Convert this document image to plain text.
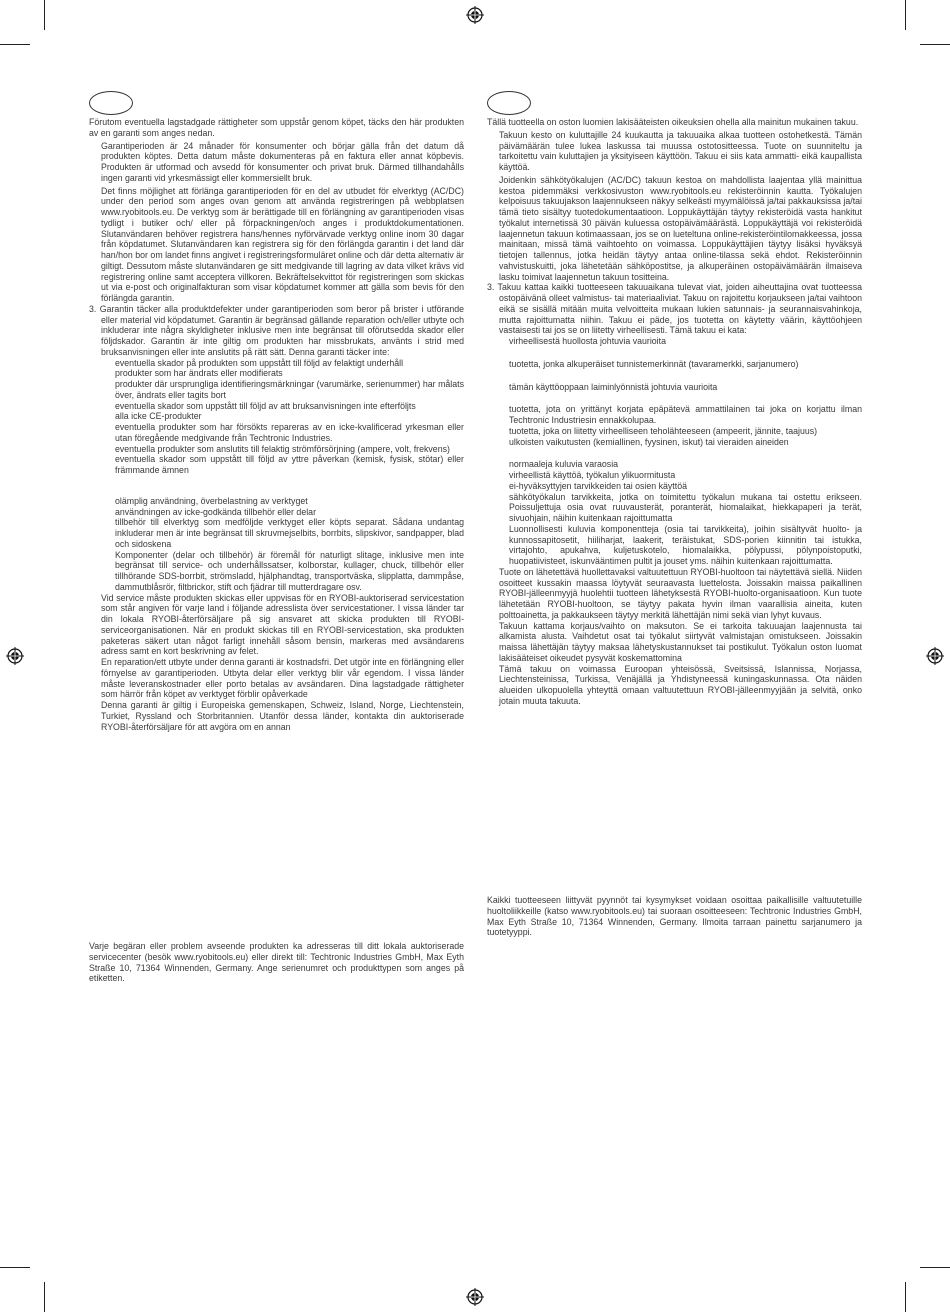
Förutom eventuella lagstadgade rättigheter som uppstår genom köpet, täcks den här produkten av en garanti som anges nedan.

Garantiperioden är 24 månader för konsumenter och börjar gälla från det datum då produkten köptes. Detta datum måste dokumenteras på en faktura eller annat köpbevis. Produkten är utformad och avsedd för konsumenter och privat bruk. Därmed tillhandahålls ingen garanti vid yrkesmässigt eller kommersiellt bruk.

Det finns möjlighet att förlänga garantiperioden för en del av utbudet för elverktyg (AC/DC) under den period som anges ovan genom att använda registreringen på webbplatsen www.ryobitools.eu. De verktyg som är berättigade till en förlängning av garantiperioden visas tydligt i butiker och/ eller på förpackningen/och anges i produktdokumentationen. Slutanvändaren behöver registrera hans/hennes nyförvärvade verktyg online inom 30 dagar från köpdatumet. Slutanvändaren kan registrera sig för den förlängda garantin i det land där han/hon bor om landet finns angivet i registreringsformuläret online och där detta alternativ är giltigt. Dessutom måste slutanvändaren ge sitt medgivande till lagring av data vilket krävs vid registrering online samt acceptera villkoren. Bekräftelsekvittot för registreringen som skickas ut via e-post och originalfakturan som visar köpdatumet kommer att gälla som bevis för den förlängda garantin.

3. Garantin täcker alla produktdefekter under garantiperioden som beror på brister i utförande eller material vid köpdatumet. Garantin är begränsad gällande reparation och/eller utbyte och inkluderar inte några skyldigheter inklusive men inte begränsat till oförutsedda skador eller följdskador. Garantin är inte giltig om produkten har missbrukats, använts i strid med bruksanvisningen eller inte anslutits på rätt sätt. Denna garanti täcker inte:

eventuella skador på produkten som uppstått till följd av felaktigt underhåll

produkter som har ändrats eller modifierats

produkter där ursprungliga identifieringsmärkningar (varumärke, serienummer) har målats över, ändrats eller tagits bort

eventuella skador som uppstått till följd av att bruksanvisningen inte efterföljts

alla icke CE-produkter

eventuella produkter som har försökts repareras av en icke-kvalificerad yrkesman eller utan föregående medgivande från Techtronic Industries.

eventuella produkter som anslutits till felaktig strömförsörjning (ampere, volt, frekvens)

eventuella skador som uppstått till följd av yttre påverkan (kemisk, fysisk, stötar) eller främmande ämnen

olämplig användning, överbelastning av verktyget

användningen av icke-godkända tillbehör eller delar

tillbehör till elverktyg som medföljde verktyget eller köpts separat. Sådana undantag inkluderar men är inte begränsat till skruvmejselbits, borrbits, slipskivor, sandpapper, blad och sidoskena

Komponenter (delar och tillbehör) är föremål för naturligt slitage, inklusive men inte begränsat till service- och underhållssatser, kolborstar, kullager, chuck, tillbehör eller tillhörande SDS-borrbit, strömsladd, hjälphandtag, transportväska, slipplatta, dammpåse, dammutblåsrör, filtbrickor, stift och fjädrar till mutterdragare osv.

Vid service måste produkten skickas eller uppvisas för en RYOBI-auktoriserad servicestation som står angiven för varje land i följande adresslista över servicestationer. I vissa länder tar din lokala RYOBI-återförsäljare på sig ansvaret att skicka produkten till RYOBI-serviceorganisationen. När en produkt skickas till en RYOBI-servicestation, ska produkten paketeras säkert utan något farligt innehåll såsom bensin, markeras med avsändarens adress samt en kort beskrivning av felet.

En reparation/ett utbyte under denna garanti är kostnadsfri. Det utgör inte en förlängning eller förnyelse av garantiperioden. Utbyta delar eller verktyg blir vår egendom. I vissa länder måste leveranskostnader eller porto betalas av avsändaren. Dina lagstadgade rättigheter som härrör från köpet av verktyget förblir opåverkade

Denna garanti är giltig i Europeiska gemenskapen, Schweiz, Island, Norge, Liechtenstein, Turkiet, Ryssland och Storbritannien. Utanför dessa länder, kontakta din auktoriserade RYOBI-återförsäljare för att avgöra om en annan

Varje begäran eller problem avseende produkten ka adresseras till ditt lokala auktoriserade servicecenter (besök www.ryobitools.eu) eller direkt till: Techtronic Industries GmbH, Max Eyth Straße 10, 71364 Winnenden, Germany. Ange serienumret och produkttypen som anges på etiketten.

Tällä tuotteella on oston luomien lakisääteisten oikeuksien ohella alla mainitun mukainen takuu.

Takuun kesto on kuluttajille 24 kuukautta ja takuuaika alkaa tuotteen ostohetkestä. Tämän päivämäärän tulee lukea laskussa tai muussa ostotositteessa. Tuote on suunniteltu ja tarkoitettu vain kuluttajien ja yksityiseen käyttöön. Takuu ei siis kata ammatti- eikä kaupallista käyttöä.

Joidenkin sähkötyökalujen (AC/DC) takuun kestoa on mahdollista laajentaa yllä mainittua kestoa pidemmäksi verkkosivuston www.ryobitools.eu rekisteröinnin kautta. Työkalujen kelpoisuus takuujakson laajennukseen näkyy selkeästi myymälöissä ja/tai pakkauksissa ja/tai tämä tieto sisältyy tuotedokumentaatioon. Loppukäyttäjän täytyy rekisteröidä vasta hankitut työkalut internetissä 30 päivän kuluessa ostopäivämäärästä. Loppukäyttäjä voi rekisteröidä laajennetun takuun kotimaassaan, jos se on lueteltuna online-rekisteröintilomakkeessa, jossa mainitaan, missä tämä vaihtoehto on voimassa. Loppukäyttäjien täytyy lisäksi hyväksyä tietojen tallennus, jotka heidän täytyy antaa online-tilassa sekä ehdot. Rekisteröinnin vahvistuskuitti, joka lähetetään sähköpostitse, ja alkuperäinen ostopäivämäärän ilmaiseva lasku toimivat laajennetun takuun tositteina.

3. Takuu kattaa kaikki tuotteeseen takuuaikana tulevat viat, joiden aiheuttajina ovat tuotteessa ostopäivänä olleet valmistus- tai materiaaliviat. Takuu on rajoitettu korjaukseen ja/tai vaihtoon eikä se sisällä mitään muita velvoitteita mukaan lukien satunnais- ja seurannaisvahinkoja, mutta rajoittumatta niihin. Takuu ei päde, jos tuotetta on käytetty väärin, käyttöohjeen vastaisesti tai jos se on liitetty virheellisesti. Tämä takuu ei kata:

virheellisestä huollosta johtuvia vaurioita

tuotetta, jonka alkuperäiset tunnistemerkinnät (tavaramerkki, sarjanumero)

tämän käyttöoppaan laiminlyönnistä johtuvia vaurioita

tuotetta, jota on yrittänyt korjata epäpätevä ammattilainen tai joka on korjattu ilman Techtronic Industriesin ennakkolupaa.

tuotetta, joka on liitetty virheelliseen teholähteeseen (ampeerit, jännite, taajuus)

ulkoisten vaikutusten (kemiallinen, fyysinen, iskut) tai vieraiden aineiden

normaaleja kuluvia varaosia

virheellistä käyttöä, työkalun ylikuormitusta

ei-hyväksyttyjen tarvikkeiden tai osien käyttöä

sähkötyökalun tarvikkeita, jotka on toimitettu työkalun mukana tai ostettu erikseen. Poissuljettuja osia ovat ruuvausterät, poranterät, hiomalaikat, hiekkapaperi ja terät, sivuohjain, näihin kuitenkaan rajoittumatta

Luonnollisesti kuluvia komponentteja (osia tai tarvikkeita), joihin sisältyvät huolto- ja kunnossapitosetit, hiiliharjat, laakerit, teräistukat, SDS-porien kiinnitin tai istukka, virtajohto, apukahva, kuljetuskotelo, hiomalaikka, pölypussi, pölynpoistoputki, huopatiivisteet, iskunvääntimen pultit ja jouset yms. näihin kuitenkaan rajoittumatta.

Tuote on lähetettävä huollettavaksi valtuutettuun RYOBI-huoltoon tai näytettävä siellä. Niiden osoitteet kussakin maassa löytyvät seuraavasta luettelosta. Joissakin maissa paikallinen RYOBI-jälleenmyyjä huolehtii tuotteen lähetyksestä RYOBI-huolto-organisaatioon. Kun tuote lähetetään RYOBI-huoltoon, se täytyy pakata hyvin ilman vaarallisia aineita, kuten polttoainetta, ja pakkaukseen täytyy merkitä lähettäjän nimi sekä vian lyhyt kuvaus.

Takuun kattama korjaus/vaihto on maksuton. Se ei tarkoita takuuajan laajennusta tai alkamista alusta. Vaihdetut osat tai työkalut siirtyvät valmistajan omistukseen. Joissakin maissa lähettäjän täytyy maksaa lähetyskustannukset tai postikulut. Työkalun oston luomat lakisääteiset oikeudet pysyvät koskemattomina

Tämä takuu on voimassa Euroopan yhteisössä, Sveitsissä, Islannissa, Norjassa, Liechtensteinissa, Turkissa, Venäjällä ja Yhdistyneessä kuningaskunnassa. Ota näiden alueiden ulkopuolella yhteyttä omaan valtuutettuun RYOBI-jälleenmyyjään ja selvitä, onko jotain muuta takuuta.

Kaikki tuotteeseen liittyvät pyynnöt tai kysymykset voidaan osoittaa paikallisille valtuutetuille huoltoliikkeille (katso www.ryobitools.eu) tai suoraan osoitteeseen: Techtronic Industries GmbH, Max Eyth Straße 10, 71364 Winnenden, Germany. Ilmoita tarraan painettu sarjanumero ja tuotetyyppi.
